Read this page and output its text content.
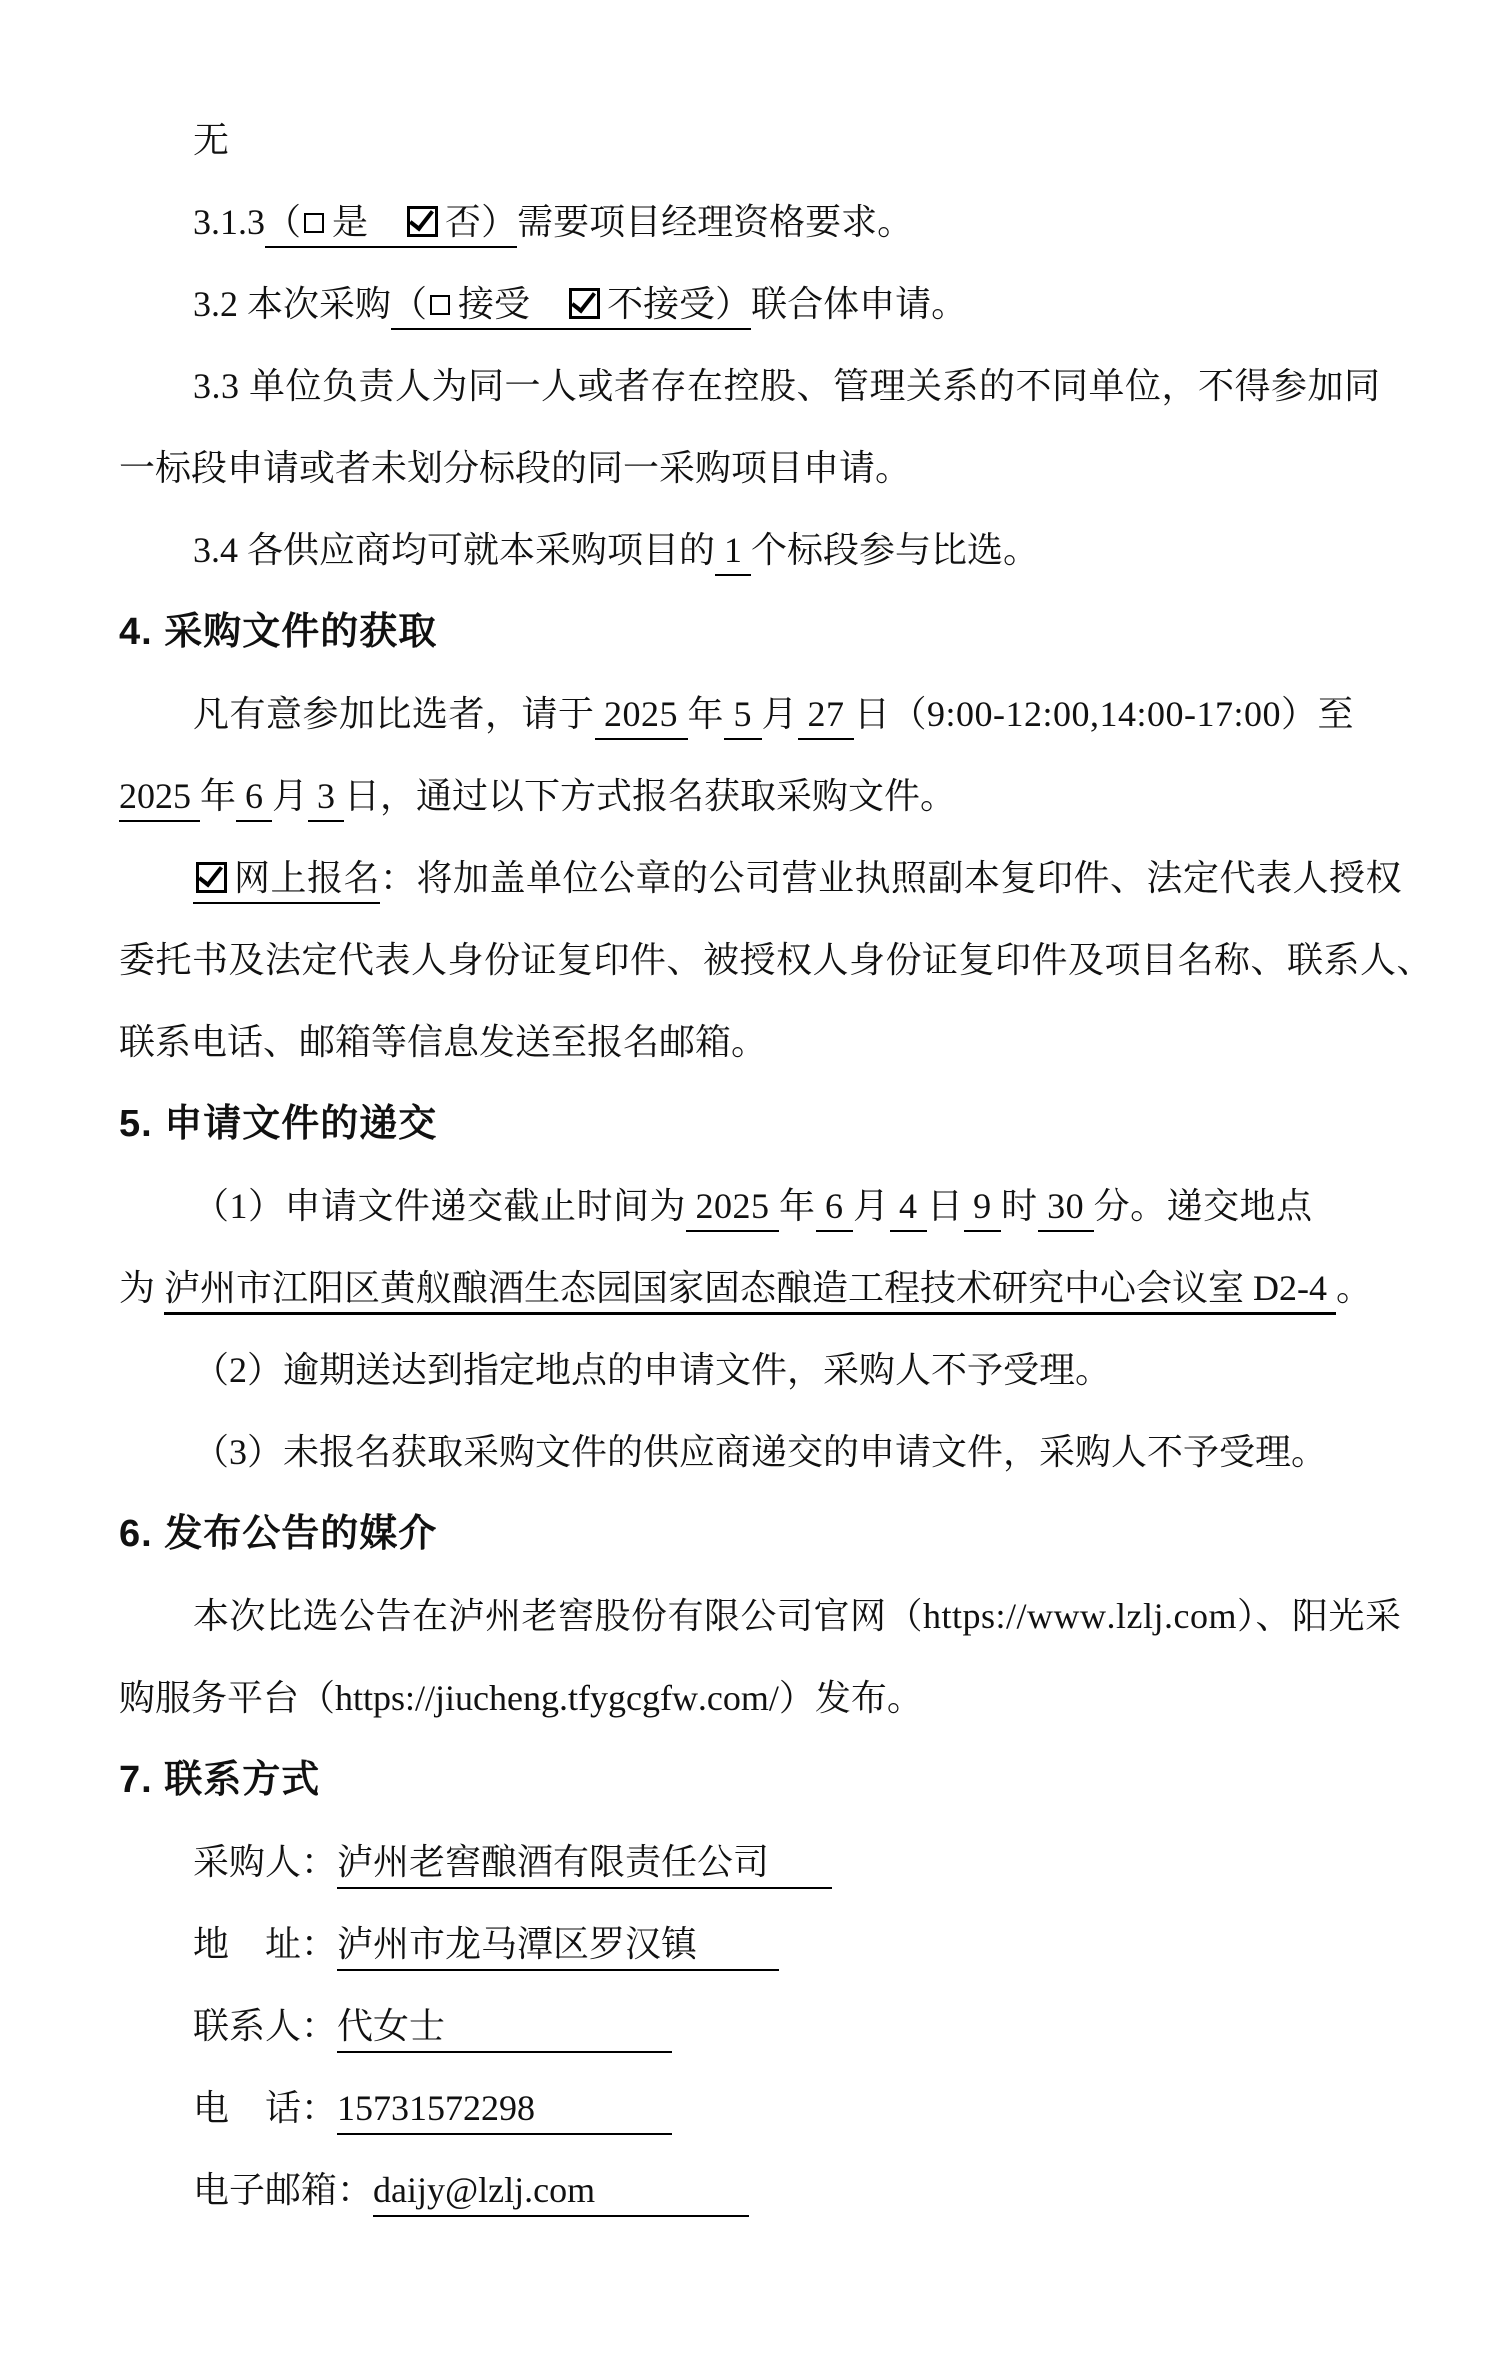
无
3.1.3（ 是　 否）需要项目经理资格要求。
3.2 本次采购（ 接受　 不接受）联合体申请。
3.3 单位负责人为同一人或者存在控股、管理关系的不同单位，不得参加同
一标段申请或者未划分标段的同一采购项目申请。
3.4 各供应商均可就本采购项目的 1 个标段参与比选。
4. 采购文件的获取
凡有意参加比选者，请于 2025 年 5 月 27 日（9:00-12:00,14:00-17:00）至
2025 年 6 月 3 日，通过以下方式报名获取采购文件。
网上报名：将加盖单位公章的公司营业执照副本复印件、法定代表人授权
委托书及法定代表人身份证复印件、被授权人身份证复印件及项目名称、联系人、
联系电话、邮箱等信息发送至报名邮箱。
5. 申请文件的递交
（1）申请文件递交截止时间为 2025 年 6 月 4 日 9 时 30 分。递交地点
为 泸州市江阳区黄舣酿酒生态园国家固态酿造工程技术研究中心会议室 D2-4 。
（2）逾期送达到指定地点的申请文件，采购人不予受理。
（3）未报名获取采购文件的供应商递交的申请文件，采购人不予受理。
6. 发布公告的媒介
本次比选公告在泸州老窖股份有限公司官网（https://www.lzlj.com）、阳光采
购服务平台（https://jiucheng.tfygcgfw.com/）发布。
7. 联系方式
采购人：泸州老窖酿酒有限责任公司
地　址：泸州市龙马潭区罗汉镇
联系人：代女士
电　话：15731572298
电子邮箱：daijy@lzlj.com
